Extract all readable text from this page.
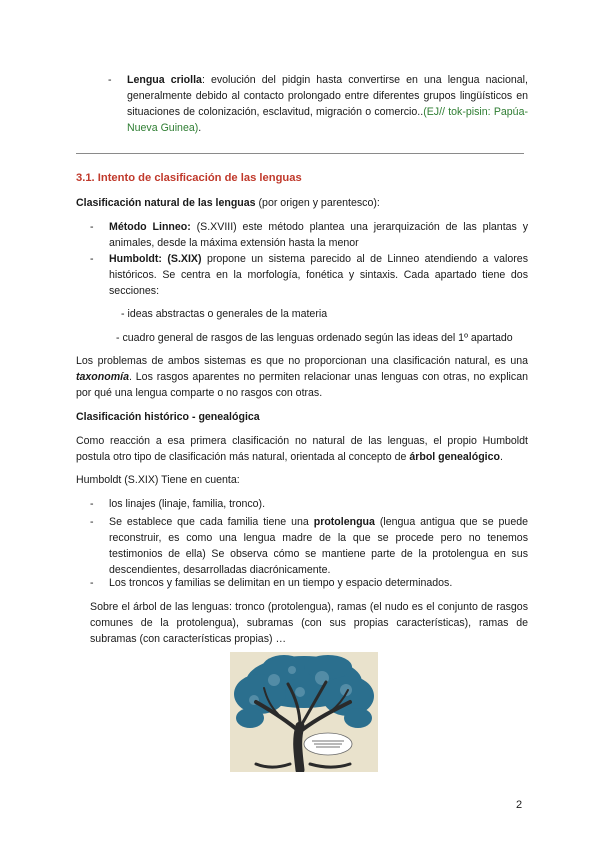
- Lengua criolla: evolución del pidgin hasta convertirse en una lengua nacional, generalmente debido al contacto prolongado entre diferentes grupos lingüísticos en situaciones de colonización, esclavitud, migración o comercio..(EJ// tok-pisin: Papúa- Nueva Guinea).

3.1. Intento de clasificación de las lenguas

Clasificación natural de las lenguas (por origen y parentesco):

- Método Linneo: (S.XVIII) este método plantea una jerarquización de las plantas y animales, desde la máxima extensión hasta la menor

- Humboldt: (S.XIX) propone un sistema parecido al de Linneo atendiendo a valores históricos. Se centra en la morfología, fonética y sintaxis. Cada apartado tiene dos secciones:

- ideas abstractas o generales de la materia

- cuadro general de rasgos de las lenguas ordenado según las ideas del 1º apartado

Los problemas de ambos sistemas es que no proporcionan una clasificación natural, es una taxonomía. Los rasgos aparentes no permiten relacionar unas lenguas con otras, no explican por qué una lengua comparte o no rasgos con otras.

Clasificación histórico - genealógica

Como reacción a esa primera clasificación no natural de las lenguas, el propio Humboldt postula otro tipo de clasificación más natural, orientada al concepto de árbol genealógico.

Humboldt (S.XIX) Tiene en cuenta:

- los linajes (linaje, familia, tronco).

- Se establece que cada familia tiene una protolengua (lengua antigua que se puede reconstruir, es como una lengua madre de la que se procede pero no tenemos testimonios de ella) Se observa cómo se mantiene parte de la protolengua en sus descendientes, desarrolladas diacrónicamente.

- Los troncos y familias se delimitan en un tiempo y espacio determinados.

Sobre el árbol de las lenguas: tronco (protolengua), ramas (el nudo es el conjunto de rasgos comunes de la protolengua), subramas (con sus propias características), ramas de subramas (con características propias) …

2
